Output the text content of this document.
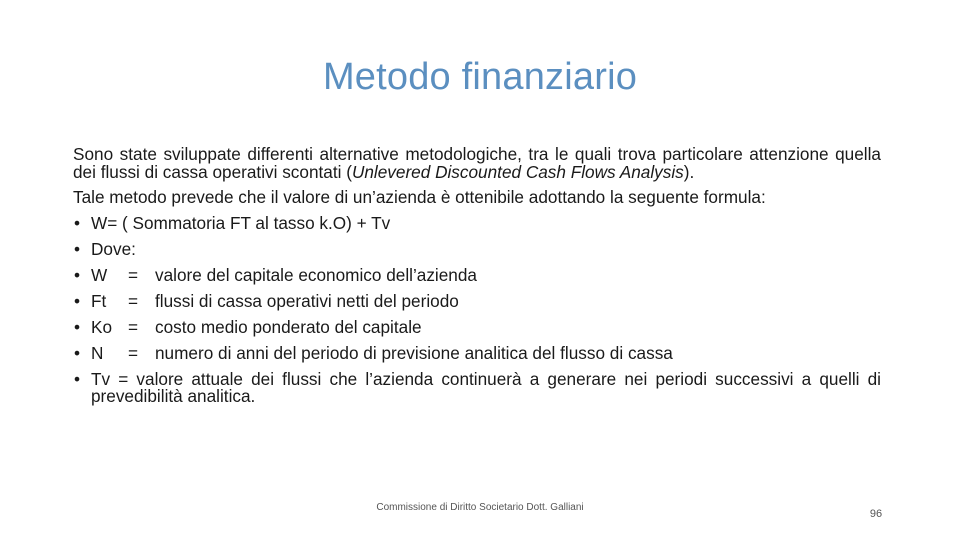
Metodo finanziario

Sono state sviluppate differenti alternative metodologiche, tra le quali trova particolare attenzione quella dei flussi di cassa operativi scontati (Unlevered Discounted Cash Flows Analysis).

Tale metodo prevede che il valore di un’azienda è ottenibile adottando la seguente formula:

• W= ( Sommatoria FT al tasso k.O) + Tv
• Dove:
• W = valore del capitale economico dell’azienda
• Ft = flussi di cassa operativi netti del periodo
• Ko = costo medio ponderato del capitale
• N = numero di anni del periodo di previsione analitica del flusso di cassa
• Tv = valore attuale dei flussi che l’azienda continuerà a generare nei periodi successivi a quelli di prevedibilità analitica.
Commissione di Diritto Societario Dott. Galliani
96
